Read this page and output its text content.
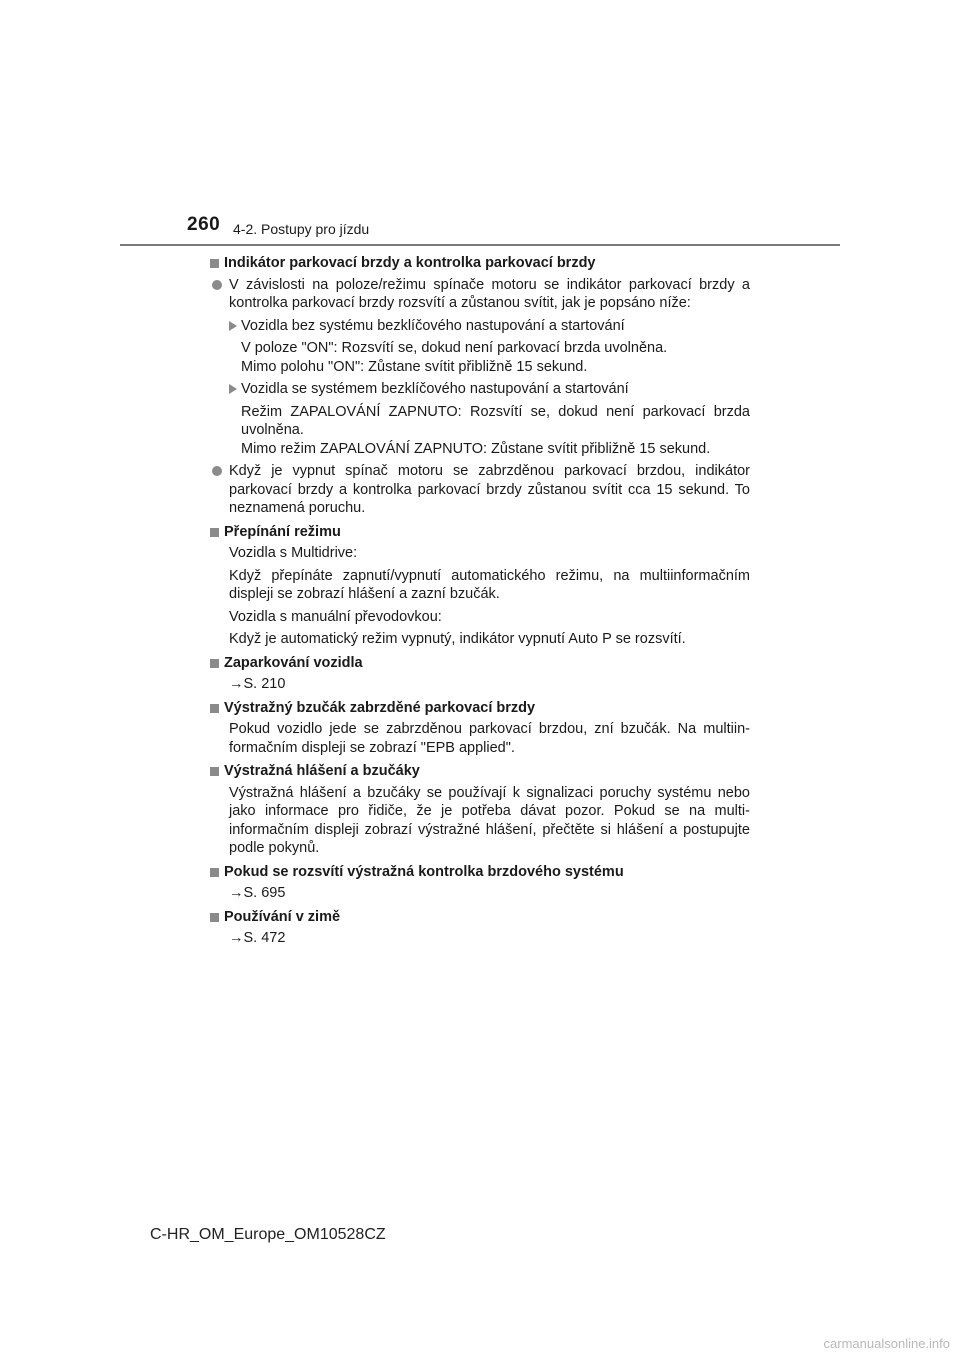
260 4-2. Postupy pro jízdu
Indikátor parkovací brzdy a kontrolka parkovací brzdy
V závislosti na poloze/režimu spínače motoru se indikátor parkovací brzdy a kontrolka parkovací brzdy rozsvítí a zůstanou svítit, jak je popsáno níže:
Vozidla bez systému bezklíčového nastupování a startování
V poloze "ON": Rozsvítí se, dokud není parkovací brzda uvolněna.
Mimo polohu "ON": Zůstane svítit přibližně 15 sekund.
Vozidla se systémem bezklíčového nastupování a startování
Režim ZAPALOVÁNÍ ZAPNUTO: Rozsvítí se, dokud není parkovací brzda uvolněna.
Mimo režim ZAPALOVÁNÍ ZAPNUTO: Zůstane svítit přibližně 15 sekund.
Když je vypnut spínač motoru se zabrzděnou parkovací brzdou, indikátor parkovací brzdy a kontrolka parkovací brzdy zůstanou svítit cca 15 sekund. To neznamená poruchu.
Přepínání režimu
Vozidla s Multidrive:
Když přepínáte zapnutí/vypnutí automatického režimu, na multiinformačním displeji se zobrazí hlášení a zazní bzučák.
Vozidla s manuální převodovkou:
Když je automatický režim vypnutý, indikátor vypnutí Auto P se rozsvítí.
Zaparkování vozidla
→S. 210
Výstražný bzučák zabrzděné parkovací brzdy
Pokud vozidlo jede se zabrzděnou parkovací brzdou, zní bzučák. Na multiinformačním displeji se zobrazí "EPB applied".
Výstražná hlášení a bzučáky
Výstražná hlášení a bzučáky se používají k signalizaci poruchy systému nebo jako informace pro řidiče, že je potřeba dávat pozor. Pokud se na multiinformačním displeji zobrazí výstražné hlášení, přečtěte si hlášení a postupujte podle pokynů.
Pokud se rozsvítí výstražná kontrolka brzdového systému
→S. 695
Používání v zimě
→S. 472
C-HR_OM_Europe_OM10528CZ
carmanualsonline.info
